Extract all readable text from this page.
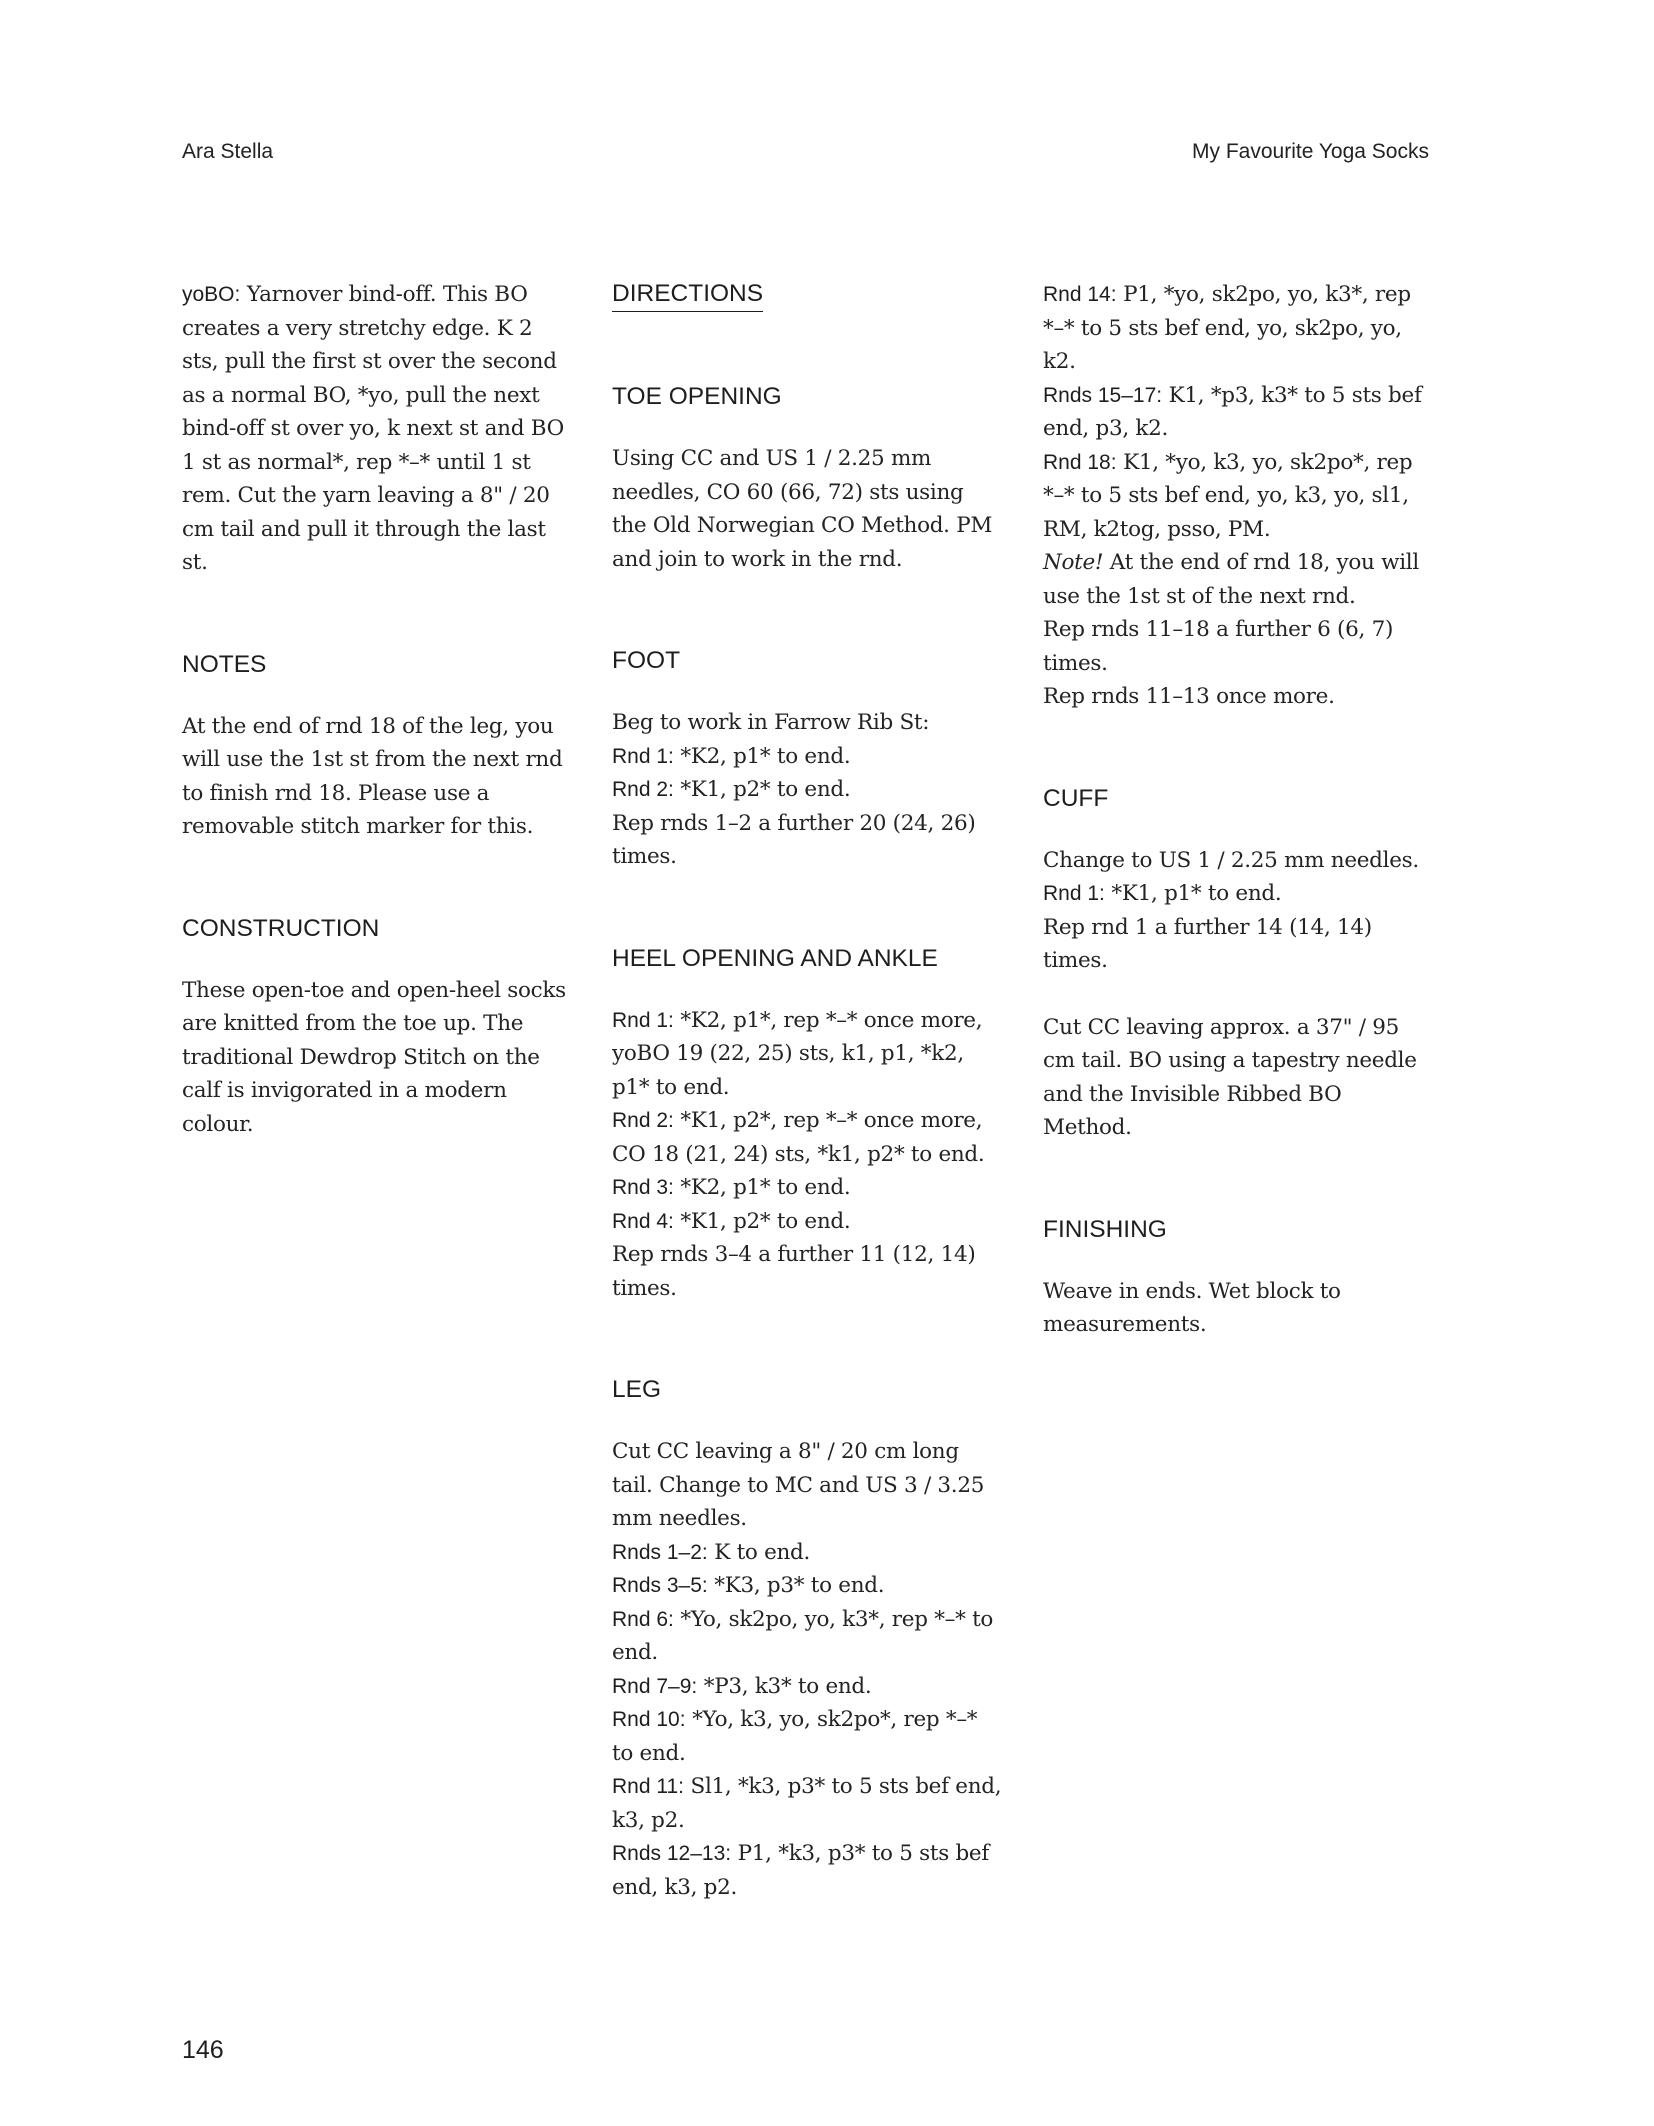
Ara Stella	My Favourite Yoga Socks

yoBO: Yarnover bind-off. This BO creates a very stretchy edge. K 2 sts, pull the first st over the second as a normal BO, *yo, pull the next bind-off st over yo, k next st and BO 1 st as normal*, rep *–* until 1 st rem. Cut the yarn leaving a 8" / 20 cm tail and pull it through the last st.

NOTES

At the end of rnd 18 of the leg, you will use the 1st st from the next rnd to finish rnd 18. Please use a removable stitch marker for this.

CONSTRUCTION

These open-toe and open-heel socks are knitted from the toe up. The traditional Dewdrop Stitch on the calf is invigorated in a modern colour.

DIRECTIONS
TOE OPENING

Using CC and US 1 / 2.25 mm needles, CO 60 (66, 72) sts using the Old Norwegian CO Method. PM and join to work in the rnd.

FOOT
Beg to work in Farrow Rib St:
Rnd 1: *K2, p1* to end.
Rnd 2: *K1, p2* to end.
Rep rnds 1–2 a further 20 (24, 26) times.
HEEL OPENING AND ANKLE
Rnd 1: *K2, p1*, rep *–* once more, yoBO 19 (22, 25) sts, k1, p1, *k2, p1* to end.
Rnd 2: *K1, p2*, rep *–* once more, CO 18 (21, 24) sts, *k1, p2* to end.
Rnd 3: *K2, p1* to end.
Rnd 4: *K1, p2* to end.
Rep rnds 3–4 a further 11 (12, 14) times.
LEG
Cut CC leaving a 8" / 20 cm long tail. Change to MC and US 3 / 3.25 mm needles.
Rnds 1–2: K to end.
Rnds 3–5: *K3, p3* to end.
Rnd 6: *Yo, sk2po, yo, k3*, rep *–* to end.
Rnd 7–9: *P3, k3* to end.
Rnd 10: *Yo, k3, yo, sk2po*, rep *–* to end.
Rnd 11: Sl1, *k3, p3* to 5 sts bef end, k3, p2.
Rnds 12–13: P1, *k3, p3* to 5 sts bef end, k3, p2.
Rnd 14: P1, *yo, sk2po, yo, k3*, rep *–* to 5 sts bef end, yo, sk2po, yo, k2.
Rnds 15–17: K1, *p3, k3* to 5 sts bef end, p3, k2.
Rnd 18: K1, *yo, k3, yo, sk2po*, rep *–* to 5 sts bef end, yo, k3, yo, sl1, RM, k2tog, psso, PM.
Note! At the end of rnd 18, you will use the 1st st of the next rnd.
Rep rnds 11–18 a further 6 (6, 7) times.
Rep rnds 11–13 once more.
CUFF
Change to US 1 / 2.25 mm needles.
Rnd 1: *K1, p1* to end.
Rep rnd 1 a further 14 (14, 14) times.
Cut CC leaving approx. a 37" / 95 cm tail. BO using a tapestry needle and the Invisible Ribbed BO Method.
FINISHING

Weave in ends. Wet block to measurements.

146
